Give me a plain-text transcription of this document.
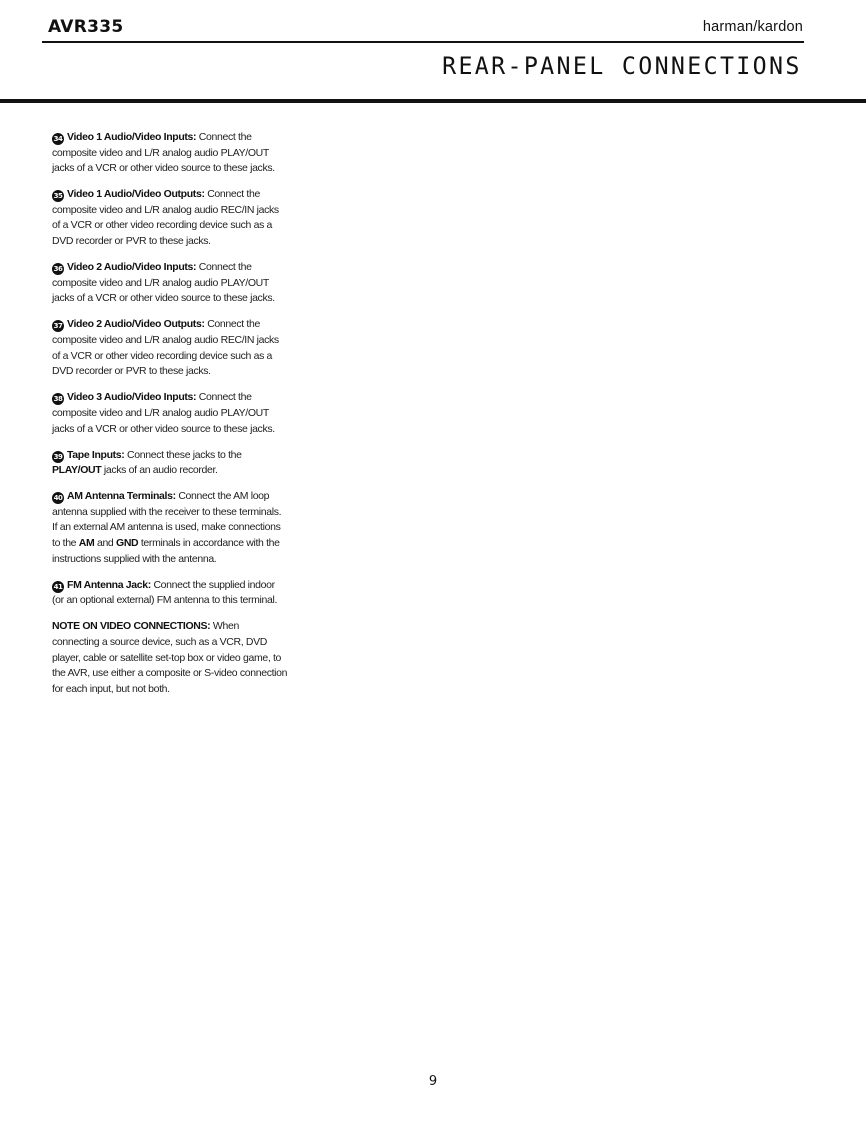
AVR335	harman/kardon
REAR-PANEL CONNECTIONS

34 Video 1 Audio/Video Inputs: Connect the composite video and L/R analog audio PLAY/OUT jacks of a VCR or other video source to these jacks.

35 Video 1 Audio/Video Outputs: Connect the composite video and L/R analog audio REC/IN jacks of a VCR or other video recording device such as a DVD recorder or PVR to these jacks.

36 Video 2 Audio/Video Inputs: Connect the composite video and L/R analog audio PLAY/OUT jacks of a VCR or other video source to these jacks.

37 Video 2 Audio/Video Outputs: Connect the composite video and L/R analog audio REC/IN jacks of a VCR or other video recording device such as a DVD recorder or PVR to these jacks.

38 Video 3 Audio/Video Inputs: Connect the composite video and L/R analog audio PLAY/OUT jacks of a VCR or other video source to these jacks.

39 Tape Inputs: Connect these jacks to the PLAY/OUT jacks of an audio recorder.

40 AM Antenna Terminals: Connect the AM loop antenna supplied with the receiver to these terminals. If an external AM antenna is used, make connections to the AM and GND terminals in accordance with the instructions supplied with the antenna.

41 FM Antenna Jack: Connect the supplied indoor (or an optional external) FM antenna to this terminal.

NOTE ON VIDEO CONNECTIONS: When connecting a source device, such as a VCR, DVD player, cable or satellite set-top box or video game, to the AVR, use either a composite or S-video connection for each input, but not both.

9
